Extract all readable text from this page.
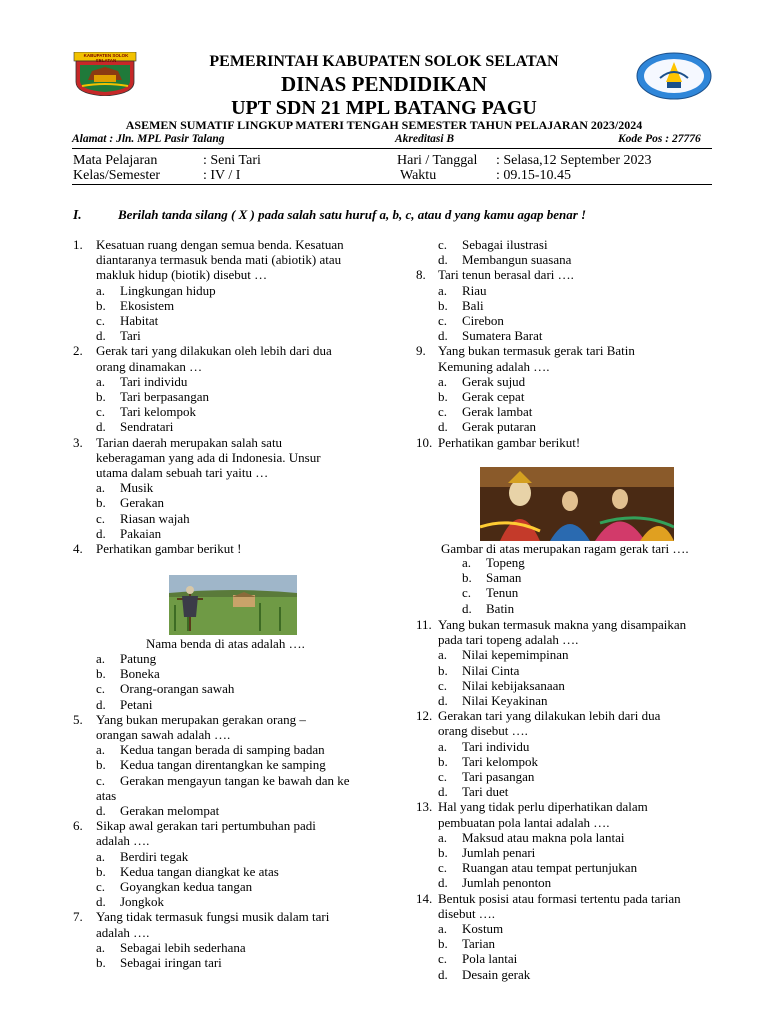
KABUPATEN SOLOK SELATAN	PEMERINTAH KABUPATEN SOLOK SELATAN
DINAS PENDIDIKAN
UPT SDN 21 MPL BATANG PAGU
ASEMEN SUMATIF LINGKUP MATERI TENGAH SEMESTER TAHUN PELAJARAN 2023/2024
Alamat : Jln. MPL Pasir Talang	Akreditasi B	Kode Pos : 27776
Mata Pelajaran	: Seni Tari
Kelas/Semester	: IV / I
Hari / Tanggal : Selasa,12 September 2023
Waktu	: 09.15-10.45
I.	Berilah tanda silang ( X ) pada salah satu huruf a, b, c, atau d yang kamu agap benar !
1. Kesatuan ruang dengan semua benda. Kesatuan
diantaranya termasuk benda mati (abiotik) atau
makluk hidup (biotik) disebut …
a. Lingkungan hidup
b. Ekosistem
c. Habitat
d. Tari
2. Gerak tari yang dilakukan oleh lebih dari dua
orang dinamakan …
a. Tari individu
b. Tari berpasangan
c. Tari kelompok
d. Sendratari
3. Tarian daerah merupakan salah satu
keberagaman yang ada di Indonesia. Unsur
utama dalam sebuah tari yaitu …
a. Musik
b. Gerakan
c. Riasan wajah
d. Pakaian
4. Perhatikan gambar berikut !
a. Patung
b. Boneka
c. Orang-orangan sawah
d. Petani
5. Yang bukan merupakan gerakan orang –
orangan sawah adalah ….
a. Kedua tangan berada di samping badan
b. Kedua tangan direntangkan ke samping
c. Gerakan mengayun tangan ke bawah dan ke
atas
d. Gerakan melompat
6. Sikap awal gerakan tari pertumbuhan padi
adalah ….
a. Berdiri tegak
b. Kedua tangan diangkat ke atas
c. Goyangkan kedua tangan
d. Jongkok
7. Yang tidak termasuk fungsi musik dalam tari
adalah ….
a. Sebagai lebih sederhana
b. Sebagai iringan tari
c. Sebagai ilustrasi
d. Membangun suasana
8. Tari tenun berasal dari ….
a. Riau
b. Bali
c. Cirebon
d. Sumatera Barat
9. Yang bukan termasuk gerak tari Batin
Kemuning adalah ….
a. Gerak sujud
b. Gerak cepat
c. Gerak lambat
d. Gerak putaran
10. Perhatikan gambar berikut!
a. Topeng
b. Saman
c. Tenun
d. Batin
11. Yang bukan termasuk makna yang disampaikan
pada tari topeng adalah ….
a. Nilai kepemimpinan
b. Nilai Cinta
c. Nilai kebijaksanaan
d. Nilai Keyakinan
12. Gerakan tari yang dilakukan lebih dari dua
orang disebut ….
a. Tari individu
b. Tari kelompok
c. Tari pasangan
d. Tari duet
13. Hal yang tidak perlu diperhatikan dalam
pembuatan pola lantai adalah ….
a. Maksud atau makna pola lantai
b. Jumlah penari
c. Ruangan atau tempat pertunjukan
d. Jumlah penonton
14. Bentuk posisi atau formasi tertentu pada tarian
disebut ….
a. Kostum
b. Tarian
c. Pola lantai
d. Desain gerak
Nama benda di atas adalah ….
Gambar di atas merupakan ragam gerak tari ….
